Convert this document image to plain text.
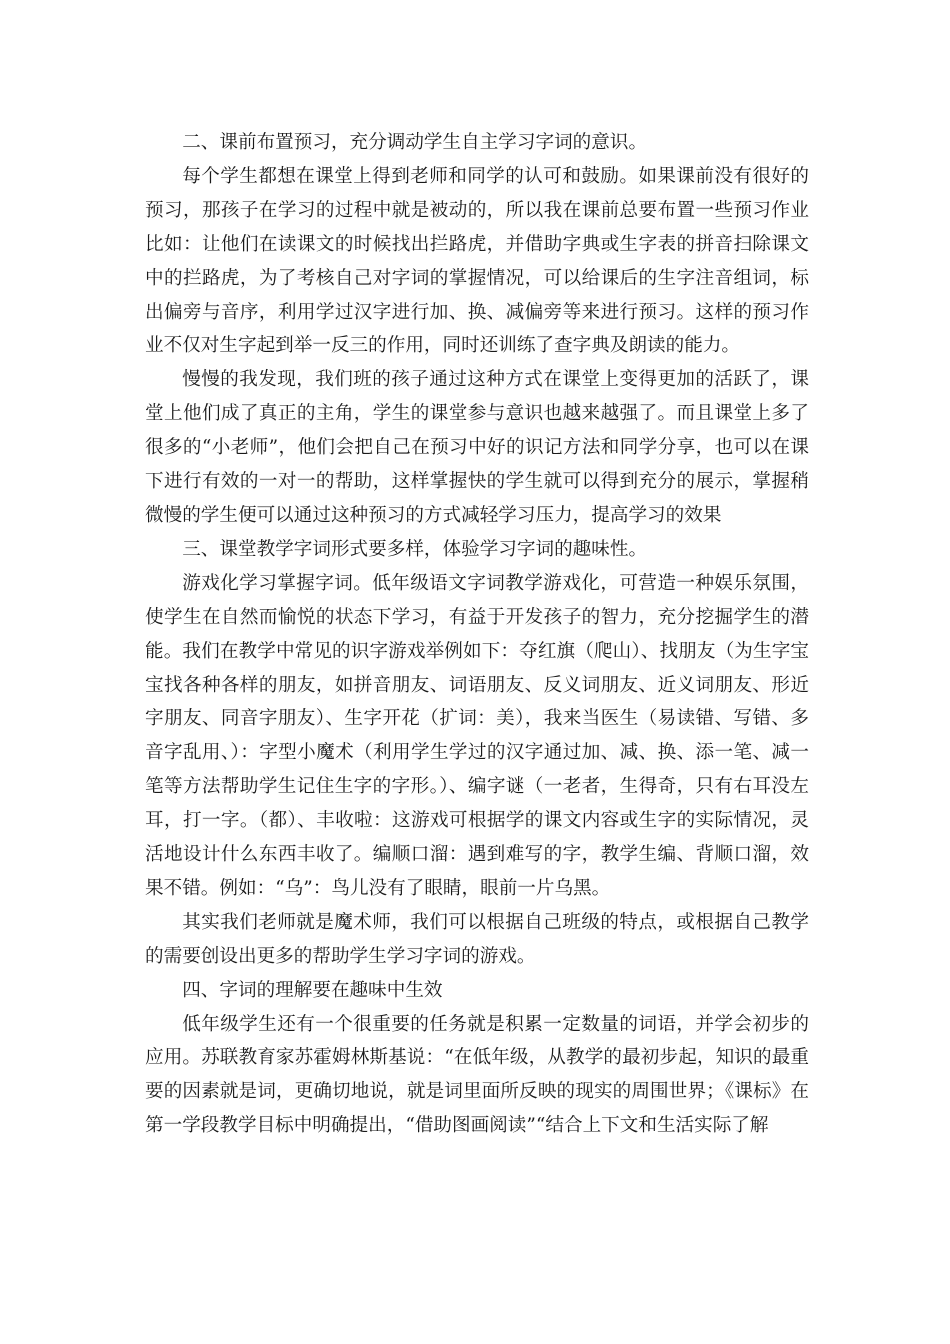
二、课前布置预习，充分调动学生自主学习字词的意识。

每个学生都想在课堂上得到老师和同学的认可和鼓励。如果课前没有很好的预习，那孩子在学习的过程中就是被动的，所以我在课前总要布置一些预习作业比如：让他们在读课文的时候找出拦路虎，并借助字典或生字表的拼音扫除课文中的拦路虎，为了考核自己对字词的掌握情况，可以给课后的生字注音组词，标出偏旁与音序，利用学过汉字进行加、换、减偏旁等来进行预习。这样的预习作业不仅对生字起到举一反三的作用，同时还训练了查字典及朗读的能力。

慢慢的我发现，我们班的孩子通过这种方式在课堂上变得更加的活跃了，课堂上他们成了真正的主角，学生的课堂参与意识也越来越强了。而且课堂上多了很多的“小老师”，他们会把自己在预习中好的识记方法和同学分享，也可以在课下进行有效的一对一的帮助，这样掌握快的学生就可以得到充分的展示，掌握稍微慢的学生便可以通过这种预习的方式减轻学习压力，提高学习的效果

三、课堂教学字词形式要多样，体验学习字词的趣味性。

游戏化学习掌握字词。低年级语文字词教学游戏化，可营造一种娱乐氛围，使学生在自然而愉悦的状态下学习，有益于开发孩子的智力，充分挖掘学生的潜能。我们在教学中常见的识字游戏举例如下：夺红旗（爬山）、找朋友（为生字宝宝找各种各样的朋友，如拼音朋友、词语朋友、反义词朋友、近义词朋友、形近字朋友、同音字朋友）、生字开花（扩词：美），我来当医生（易读错、写错、多音字乱用、）：字型小魔术（利用学生学过的汉字通过加、减、换、添一笔、减一笔等方法帮助学生记住生字的字形。）、编字谜（一老者，生得奇，只有右耳没左耳，打一字。（都）、丰收啦：这游戏可根据学的课文内容或生字的实际情况，灵活地设计什么东西丰收了。编顺口溜：遇到难写的字，教学生编、背顺口溜，效果不错。例如：“乌”：鸟儿没有了眼睛，眼前一片乌黑。

其实我们老师就是魔术师，我们可以根据自己班级的特点，或根据自己教学的需要创设出更多的帮助学生学习字词的游戏。

四、字词的理解要在趣味中生效

低年级学生还有一个很重要的任务就是积累一定数量的词语，并学会初步的应用。苏联教育家苏霍姆林斯基说：“在低年级，从教学的最初步起，知识的最重要的因素就是词，更确切地说，就是词里面所反映的现实的周围世界；《课标》在第一学段教学目标中明确提出，“借助图画阅读”“结合上下文和生活实际了解
